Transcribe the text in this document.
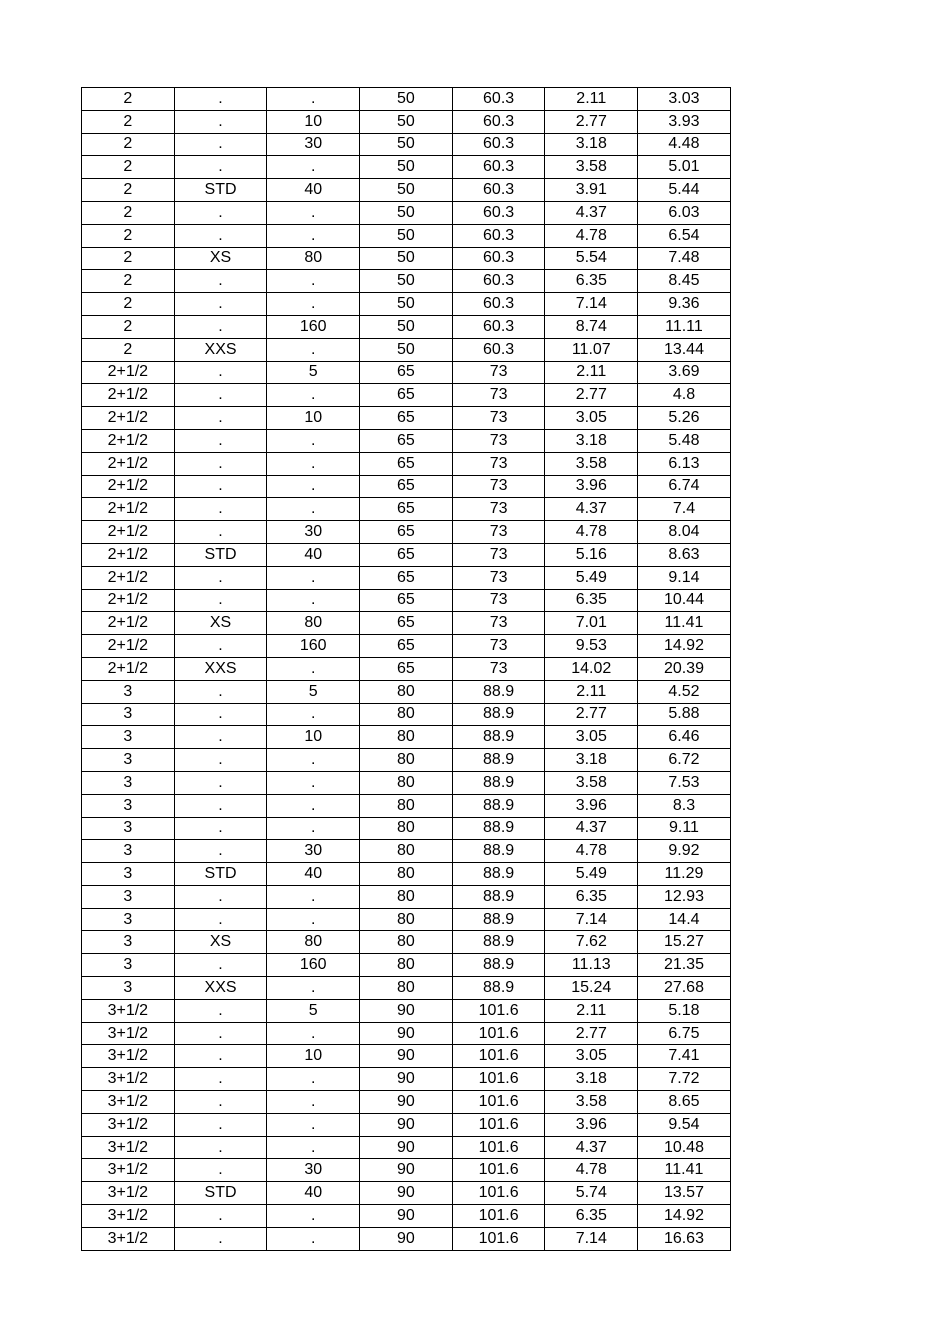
2	.	.	50	60.3	2.11	3.03
2	.	10	50	60.3	2.77	3.93
2	.	30	50	60.3	3.18	4.48
2	.	.	50	60.3	3.58	5.01
2	STD	40	50	60.3	3.91	5.44
2	.	.	50	60.3	4.37	6.03
2	.	.	50	60.3	4.78	6.54
2	XS	80	50	60.3	5.54	7.48
2	.	.	50	60.3	6.35	8.45
2	.	.	50	60.3	7.14	9.36
2	.	160	50	60.3	8.74	11.11
2	XXS	.	50	60.3	11.07	13.44
2+1/2	.	5	65	73	2.11	3.69
2+1/2	.	.	65	73	2.77	4.8
2+1/2	.	10	65	73	3.05	5.26
2+1/2	.	.	65	73	3.18	5.48
2+1/2	.	.	65	73	3.58	6.13
2+1/2	.	.	65	73	3.96	6.74
2+1/2	.	.	65	73	4.37	7.4
2+1/2	.	30	65	73	4.78	8.04
2+1/2	STD	40	65	73	5.16	8.63
2+1/2	.	.	65	73	5.49	9.14
2+1/2	.	.	65	73	6.35	10.44
2+1/2	XS	80	65	73	7.01	11.41
2+1/2	.	160	65	73	9.53	14.92
2+1/2	XXS	.	65	73	14.02	20.39
3	.	5	80	88.9	2.11	4.52
3	.	.	80	88.9	2.77	5.88
3	.	10	80	88.9	3.05	6.46
3	.	.	80	88.9	3.18	6.72
3	.	.	80	88.9	3.58	7.53
3	.	.	80	88.9	3.96	8.3
3	.	.	80	88.9	4.37	9.11
3	.	30	80	88.9	4.78	9.92
3	STD	40	80	88.9	5.49	11.29
3	.	.	80	88.9	6.35	12.93
3	.	.	80	88.9	7.14	14.4
3	XS	80	80	88.9	7.62	15.27
3	.	160	80	88.9	11.13	21.35
3	XXS	.	80	88.9	15.24	27.68
3+1/2	.	5	90	101.6	2.11	5.18
3+1/2	.	.	90	101.6	2.77	6.75
3+1/2	.	10	90	101.6	3.05	7.41
3+1/2	.	.	90	101.6	3.18	7.72
3+1/2	.	.	90	101.6	3.58	8.65
3+1/2	.	.	90	101.6	3.96	9.54
3+1/2	.	.	90	101.6	4.37	10.48
3+1/2	.	30	90	101.6	4.78	11.41
3+1/2	STD	40	90	101.6	5.74	13.57
3+1/2	.	.	90	101.6	6.35	14.92
3+1/2	.	.	90	101.6	7.14	16.63
